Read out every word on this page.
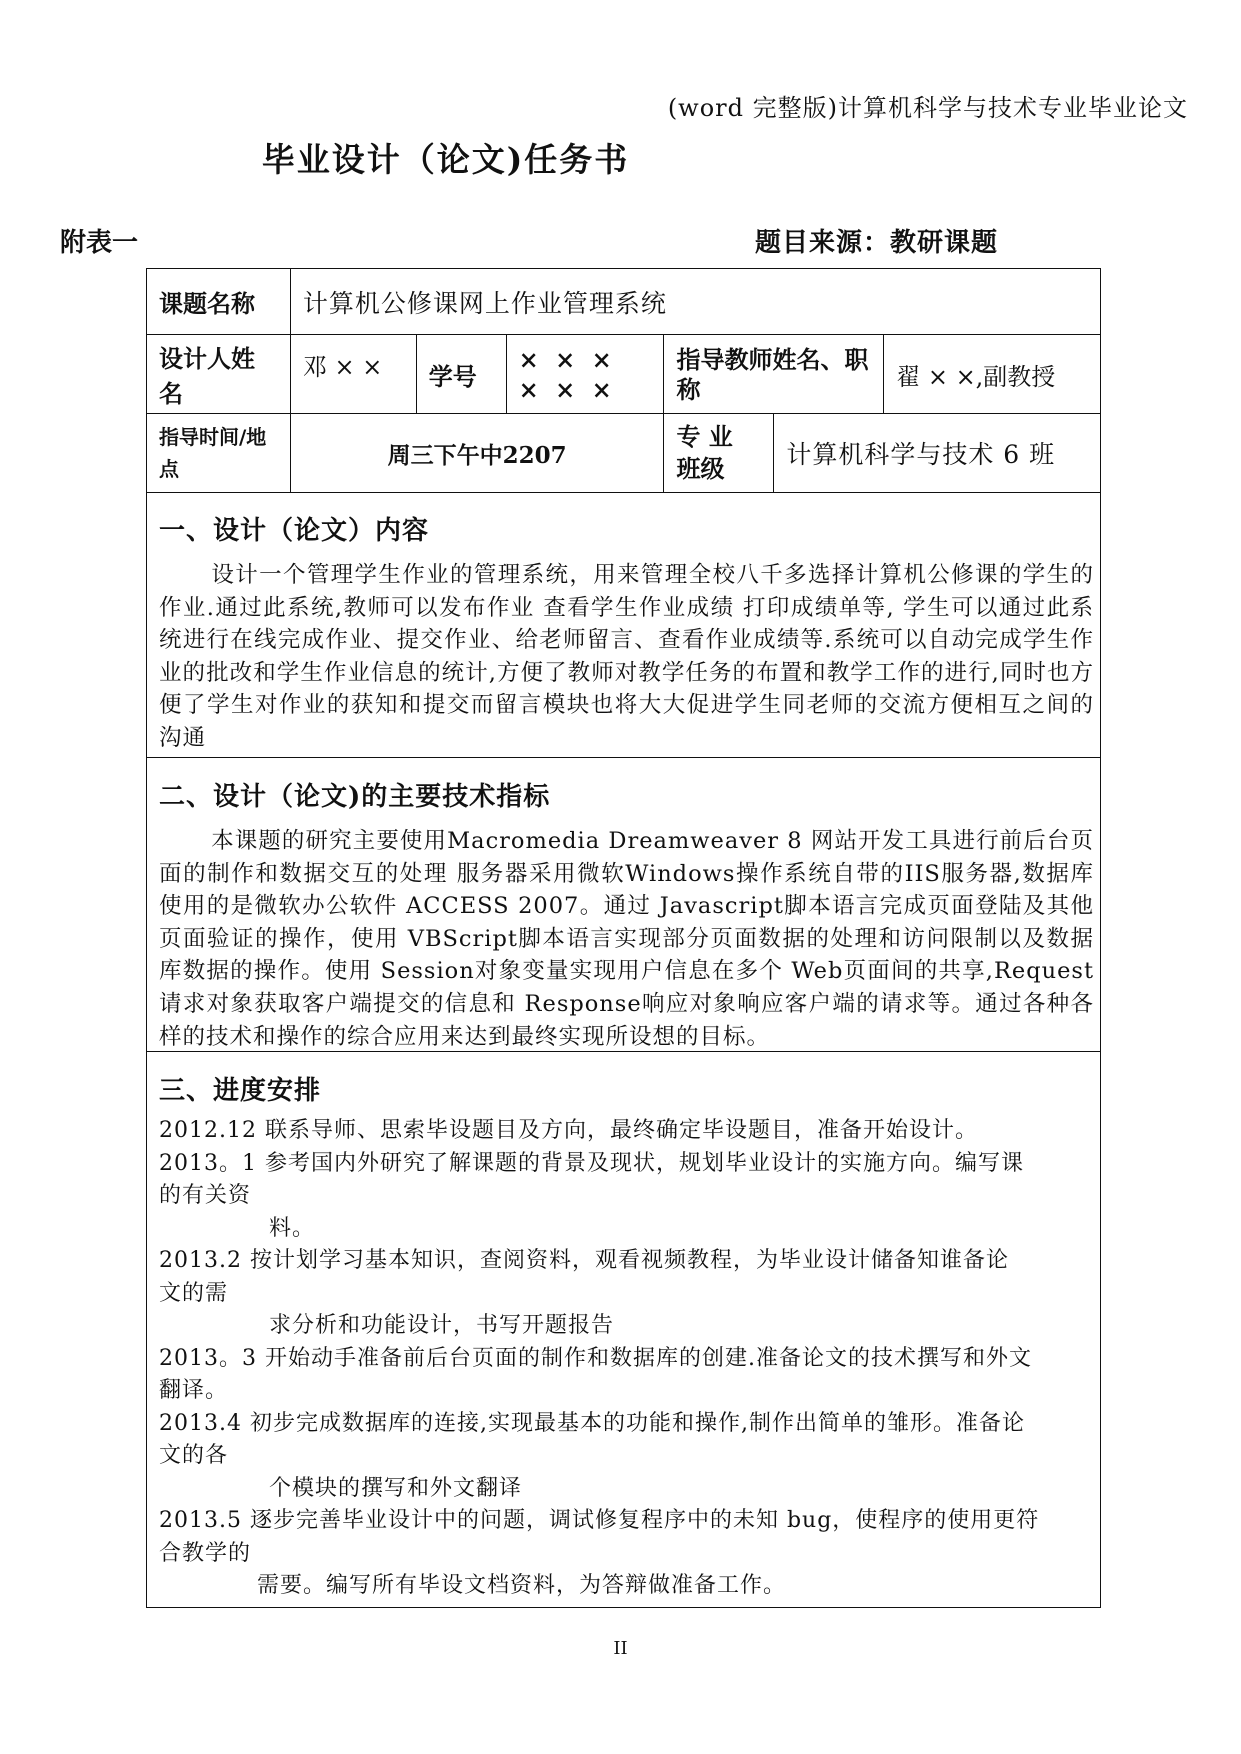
(word 完整版)计算机科学与技术专业毕业论文
毕业设计（论文)任务书
附表一	题目来源：教研课题
课题名称	计算机公修课网上作业管理系统					
设计人姓名	邓 × ×	学号	× × × × × ×	指导教师姓名、职称		翟 × ×,副教授
指导时间/地点	周三下午中2207			专 业 班级	计算机科学与技术 6 班	
一、设计（论文）内容
设计一个管理学生作业的管理系统，用来管理全校八千多选择计算机公修课的学生的作业.通过此系统,教师可以发布作业 查看学生作业成绩 打印成绩单等, 学生可以通过此系统进行在线完成作业、提交作业、给老师留言、查看作业成绩等.系统可以自动完成学生作业的批改和学生作业信息的统计,方便了教师对教学任务的布置和教学工作的进行,同时也方便了学生对作业的获知和提交而留言模块也将大大促进学生同老师的交流方便相互之间的沟通
二、设计（论文)的主要技术指标
本课题的研究主要使用Macromedia Dreamweaver 8 网站开发工具进行前后台页面的制作和数据交互的处理 服务器采用微软Windows操作系统自带的IIS服务器,数据库使用的是微软办公软件 ACCESS 2007。通过 Javascript脚本语言完成页面登陆及其他页面验证的操作，使用 VBScript脚本语言实现部分页面数据的处理和访问限制以及数据库数据的操作。使用 Session对象变量实现用户信息在多个 Web页面间的共享,Request请求对象获取客户端提交的信息和 Response响应对象响应客户端的请求等。通过各种各样的技术和操作的综合应用来达到最终实现所设想的目标。
三、进度安排
2012.12 联系导师、思索毕设题目及方向，最终确定毕设题目，准备开始设计。
2013。1 参考国内外研究了解课题的背景及现状，规划毕业设计的实施方向。编写课
的有关资
料。
2013.2 按计划学习基本知识，查阅资料，观看视频教程，为毕业设计储备知谁备论
文的需
求分析和功能设计，书写开题报告
2013。3 开始动手准备前后台页面的制作和数据库的创建.准备论文的技术撰写和外文
翻译。
2013.4 初步完成数据库的连接,实现最基本的功能和操作,制作出简单的雏形。准备论
文的各
个模块的撰写和外文翻译
2013.5 逐步完善毕业设计中的问题，调试修复程序中的未知 bug，使程序的使用更符
合教学的
需要。编写所有毕设文档资料，为答辩做准备工作。
II
